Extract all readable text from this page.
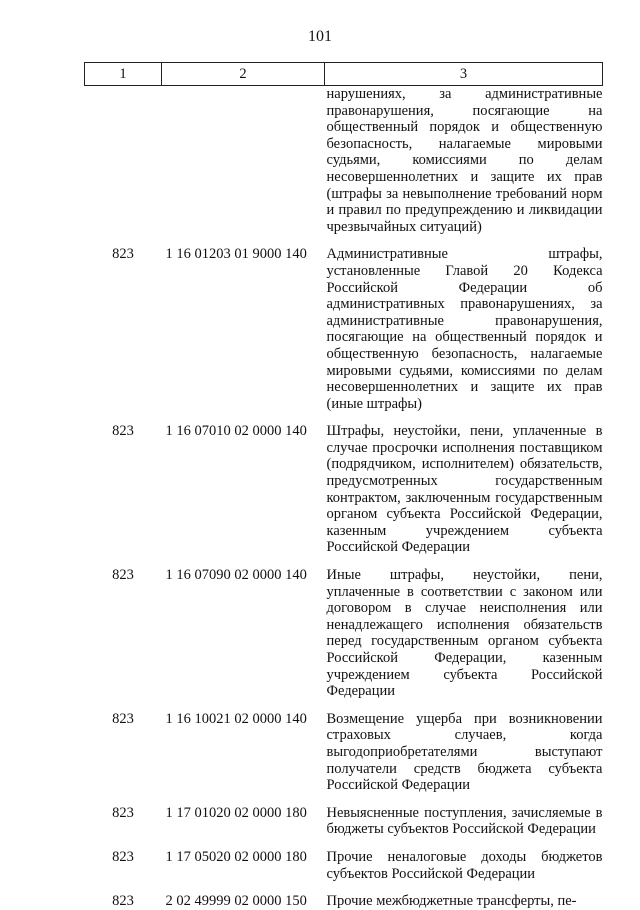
101
1	2	3
		нарушениях, за административные правонарушения, посягающие на общественный порядок и общественную безопасность, налагаемые мировыми судьями, комиссиями по делам несовершеннолетних и защите их прав (штрафы за невыполнение требований норм и правил по предупреждению и ликвидации чрезвычайных ситуаций)
823	1 16 01203 01 9000 140	Административные штрафы, установленные Главой 20 Кодекса Российской Федерации об административных правонарушениях, за административные правонарушения, посягающие на общественный порядок и общественную безопасность, налагаемые мировыми судьями, комиссиями по делам несовершеннолетних и защите их прав (иные штрафы)
823	1 16 07010 02 0000 140	Штрафы, неустойки, пени, уплаченные в случае просрочки исполнения поставщиком (подрядчиком, исполнителем) обязательств, предусмотренных государственным контрактом, заключенным государственным органом субъекта Российской Федерации, казенным учреждением субъекта Российской Федерации
823	1 16 07090 02 0000 140	Иные штрафы, неустойки, пени, уплаченные в соответствии с законом или договором в случае неисполнения или ненадлежащего исполнения обязательств перед государственным органом субъекта Российской Федерации, казенным учреждением субъекта Российской Федерации
823	1 16 10021 02 0000 140	Возмещение ущерба при возникновении страховых случаев, когда выгодоприобретателями выступают получатели средств бюджета субъекта Российской Федерации
823	1 17 01020 02 0000 180	Невыясненные поступления, зачисляемые в бюджеты субъектов Российской Федерации
823	1 17 05020 02 0000 180	Прочие неналоговые доходы бюджетов субъектов Российской Федерации
823	2 02 49999 02 0000 150	Прочие межбюджетные трансферты, пе-
